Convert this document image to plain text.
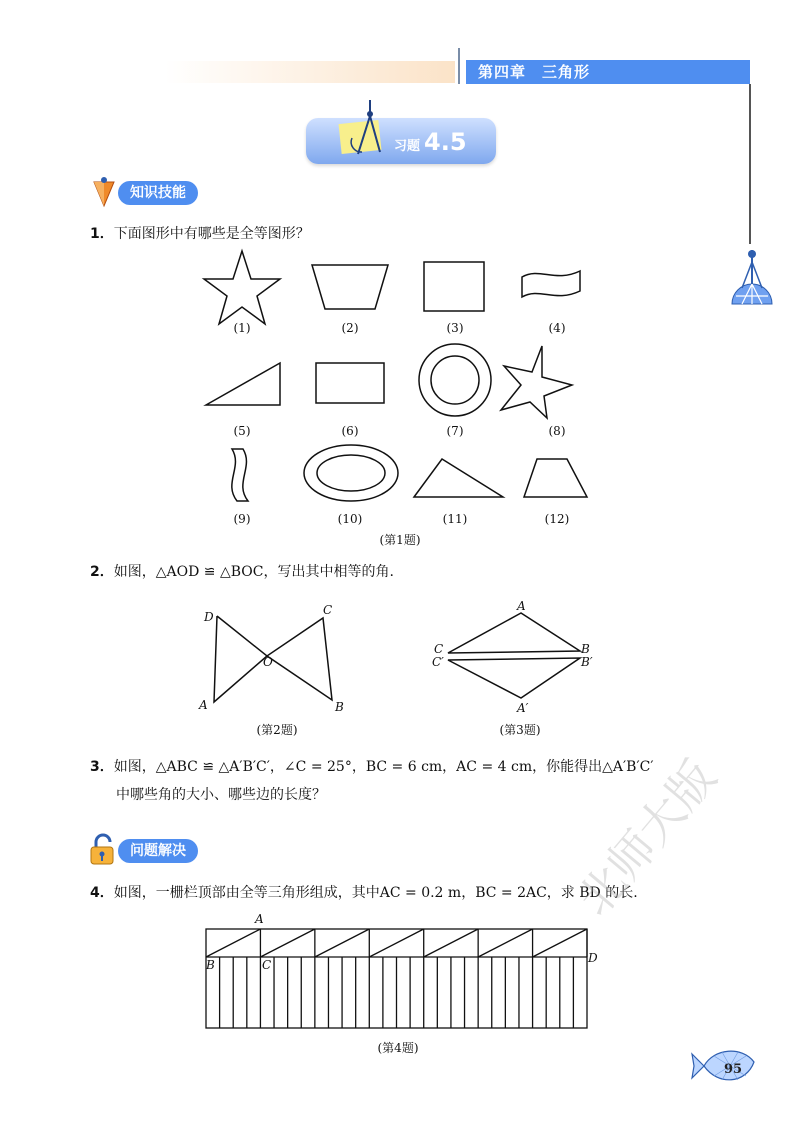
第四章　三角形
习题 4.5
知识技能
1．下面图形中有哪些是全等图形？
(1)	(2)	(3)	(4)
(5)	(6)	(7)	(8)
(9)	(10)	(11)	(12)
(第1题)
2．如图，△AOD ≌ △BOC，写出其中相等的角.
D	C
O
A	B
(第2题)
A
C	B
C′	B′
A′
(第3题)
3．如图，△ABC ≌ △A′B′C′，∠C = 25°，BC = 6 cm，AC = 4 cm，你能得出△A′B′C′
中哪些角的大小、哪些边的长度？
问题解决
4．如图，一栅栏顶部由全等三角形组成，其中AC = 0.2 m，BC = 2AC，求 BD 的长.
A
B	C	D
(第4题)
北师大版
95
